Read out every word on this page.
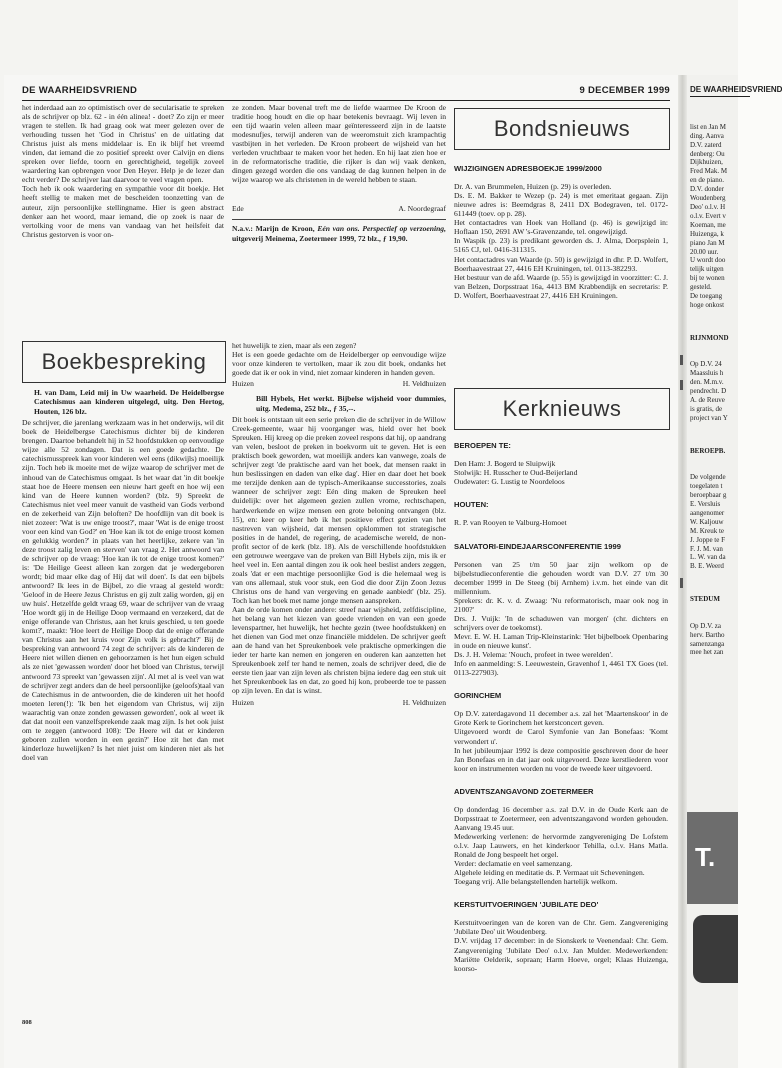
DE WAARHEIDSVRIEND	9 DECEMBER 1999
het inderdaad aan zo optimistisch over de secularisatie te spreken als de schrijver op blz. 62 - in één alinea! - doet? Zo zijn er meer vragen te stellen. Ik had graag ook wat meer gelezen over de verhouding tussen het 'God in Christus' en de uitlating dat Christus juist als mens middelaar is. En ik blijf het vreemd vinden, dat iemand die zo positief spreekt over Calvijn en diens spreken over liefde, toorn en gerechtigheid, tegelijk zoveel waardering kan opbrengen voor Den Heyer. Help je de lezer dan echt verder? De schrijver laat daarvoor te veel vragen open.
Toch heb ik ook waardering en sympathie voor dit boekje. Het heeft stellig te maken met de bescheiden toonzetting van de auteur, zijn persoonlijke stellingname. Hier is geen abstract denker aan het woord, maar iemand, die op zoek is naar de vertolking voor de mens van vandaag van het heilsfeit dat Christus gestorven is voor on-

ze zonden. Maar bovenal treft me de liefde waarmee De Kroon de traditie hoog houdt en die op haar betekenis bevraagt. Wij leven in een tijd waarin velen alleen maar geïnteresseerd zijn in de laatste modesnufjes, terwijl anderen van de weeromstuit zich krampachtig vastbijten in het verleden. De Kroon probeert de wijsheid van het verleden vruchtbaar te maken voor het heden. En hij laat zien hoe er in de reformatorische traditie, die rijker is dan wij vaak denken, dingen gezegd worden die ons vandaag de dag kunnen helpen in de wijze waarop we als christenen in de wereld hebben te staan.

Ede	A. Noordegraaf

N.a.v.: Marijn de Kroon, Eén van ons. Perspectief op verzoening, uitgeverij Meinema, Zoetermeer 1999, 72 blz., ƒ 19,90.

Bondsnieuws

WIJZIGINGEN ADRESBOEKJE 1999/2000

Dr. A. van Brummelen, Huizen (p. 29) is overleden.
Ds. E. M. Bakker te Wezep (p. 24) is met emeritaat gegaan. Zijn nieuwe adres is: Beemdgras 8, 2411 DX Bodegraven, tel. 0172-611449 (toev. op p. 28).
Het contactadres van Hoek van Holland (p. 46) is gewijzigd in: Hoflaan 150, 2691 AW 's-Gravenzande, tel. ongewijzigd.
In Waspik (p. 23) is predikant geworden ds. J. Alma, Dorpsplein 1, 5165 CJ, tel. 0416-311315.
Het contactadres van Waarde (p. 50) is gewijzigd in dhr. P. D. Wolfert, Boerhaavestraat 27, 4416 EH Kruiningen, tel. 0113-382293.
Het bestuur van de afd. Waarde (p. 55) is gewijzigd in voorzitter: C. J. van Belzen, Dorpsstraat 16a, 4413 BM Krabbendijk en secretaris: P. D. Wolfert, Boerhaavestraat 27, 4416 EH Kruiningen.

Boekbespreking

H. van Dam, Leid mij in Uw waarheid. De Heidelbergse Catechismus aan kinderen uitgelegd, uitg. Den Hertog, Houten, 126 blz.

De schrijver, die jarenlang werkzaam was in het onderwijs, wil dit boek de Heidelbergse Catechismus dichter bij de kinderen brengen. Daartoe behandelt hij in 52 hoofdstukken op eenvoudige wijze alle 52 zondagen. Dat is een goede gedachte. De catechismusspreek kan voor kinderen wel eens (dikwijls) moeilijk zijn. Toch heb ik moeite met de wijze waarop de schrijver met de inhoud van de Catechismus omgaat. Is het waar dat 'in dit boekje staat hoe de Heere mensen een nieuw hart geeft en hoe wij een kind van de Heere kunnen worden? (blz. 9) Spreekt de Catechismus niet veel meer vanuit de vastheid van Gods verbond en de zekerheid van Zijn beloften? De hoofdlijn van dit boek is niet zozeer: 'Wat is uw enige troost?', maar 'Wat is de enige troost voor een kind van God?' en 'Hoe kan ik tot de enige troost komen en gelukkig worden?' in plaats van het heerlijke, zekere van 'in deze troost zalig leven en sterven' van vraag 2. Het antwoord van de schrijver op de vraag: 'Hoe kan ik tot de enige troost komen?' is: 'De Heilige Geest alleen kan zorgen dat je wedergeboren wordt; bid maar elke dag of Hij dat wil doen'. Is dat een bijbels antwoord? Ik lees in de Bijbel, zo die vraag al gesteld wordt: 'Geloof in de Heere Jezus Christus en gij zult zalig worden, gij en uw huis'. Hetzelfde geldt vraag 69, waar de schrijver van de vraag 'Hoe wordt gij in de Heilige Doop vermaand en verzekerd, dat de enige offerande van Christus, aan het kruis geschied, u ten goede komt?', maakt: 'Hoe leert de Heilige Doop dat de enige offerande van Christus aan het kruis voor Zijn volk is gebracht?' Bij de bespreking van antwoord 74 zegt de schrijver: als de kinderen de Heere niet willen dienen en gehoorzamen is het hun eigen schuld als ze niet 'gewassen worden' door het bloed van Christus, terwijl antwoord 73 spreekt van 'gewassen zijn'. Al met al is veel van wat de schrijver zegt anders dan de heel persoonlijke (geloofs)taal van de Catechismus in de antwoorden, die de kinderen uit het hoofd moeten leren(!): 'Ik ben het eigendom van Christus, wij zijn waarachtig van onze zonden gewassen geworden', ook al weet ik dat dat nooit een vanzelfsprekende zaak mag zijn. Is het ook juist om te zeggen (antwoord 108): 'De Heere wil dat er kinderen geboren zullen worden in een gezin?' Hoe zit het dan met kinderloze huwelijken? Is het niet juist om kinderen niet als het doel van

het huwelijk te zien, maar als een zegen?
Het is een goede gedachte om de Heidelberger op eenvoudige wijze voor onze kinderen te vertolken, maar ik zou dit boek, ondanks het goede dat ik er ook in vind, niet zomaar kinderen in handen geven.

Huizen	H. Veldhuizen

Bill Hybels, Het werkt. Bijbelse wijsheid voor dummies, uitg. Medema, 252 blz., ƒ 35,--.

Dit boek is ontstaan uit een serie preken die de schrijver in de Willow Creek-gemeente, waar hij voorganger was, hield over het boek Spreuken. Hij kreeg op die preken zoveel respons dat hij, op aandrang van velen, besloot de preken in boekvorm uit te geven. Het is een praktisch boek geworden, wat moeilijk anders kan vanwege, zoals de schrijver zegt 'de praktische aard van het boek, dat mensen raakt in hun beslissingen en daden van elke dag'. Hier en daar doet het boek me terzijde denken aan de typisch-Amerikaanse successtories, zoals wanneer de schrijver zegt: Eén ding maken de Spreuken heel duidelijk: over het algemeen gezien zullen vrome, rechtschapen, hardwerkende en wijze mensen een grote beloning ontvangen (blz. 15), en: keer op keer heb ik het positieve effect gezien van het nastreven van wijsheid, dat mensen opklommen tot strategische posities in de handel, de regering, de academische wereld, de non-profit sector of de kerk (blz. 18). Als de verschillende hoofdstukken een getrouwe weergave van de preken van Bill Hybels zijn, mis ik er heel veel in. Een aantal dingen zou ik ook heel beslist anders zeggen, zoals 'dat er een machtige persoonlijke God is die helemaal weg is van ons allemaal, stuk voor stuk, een God die door Zijn Zoon Jezus Christus ons de hand van vergeving en genade aanbiedt' (blz. 25). Toch kan het boek met name jonge mensen aanspreken.
Aan de orde komen onder andere: streef naar wijsheid, zelfdiscipline, het belang van het kiezen van goede vrienden en van een goede levenspartner, het huwelijk, het hechte gezin (twee hoofdstukken) en het dienen van God met onze financiële middelen. De schrijver geeft aan de hand van het Spreukenboek vele praktische opmerkingen die ieder ter harte kan nemen en jongeren en ouderen kan aanzetten het Spreukenboek zelf ter hand te nemen, zoals de schrijver deed, die de eerste tien jaar van zijn leven als christen bijna iedere dag een stuk uit het Spreukenboek las en dat, zo goed hij kon, probeerde toe te passen op zijn leven. En dat is winst.

Huizen	H. Veldhuizen
Kerknieuws

BEROEPEN TE:

Den Ham: J. Bogerd te Sluipwijk
Stolwijk: H. Russcher te Oud-Beijerland
Oudewater: G. Lustig te Noordeloos

HOUTEN:

R. P. van Rooyen te Valburg-Homoet

SALVATORI-EINDEJAARSCONFERENTIE 1999

Personen van 25 t/m 50 jaar zijn welkom op de bijbelstudieconferentie die gehouden wordt van D.V. 27 t/m 30 december 1999 in De Steeg (bij Arnhem) i.v.m. het einde van dit millennium.
Sprekers: dr. K. v. d. Zwaag: 'Nu reformatorisch, maar ook nog in 2100?'
Drs. J. Vuijk: 'In de schaduwen van morgen' (chr. dichters en schrijvers over de toekomst).
Mevr. E. W. H. Laman Trip-Kleinstarink: 'Het bijbelboek Openbaring in oude en nieuwe kunst'.
Ds. J. H. Velema: 'Nouch, profeet in twee werelden'.
Info en aanmelding: S. Leeuwestein, Gravenhof 1, 4461 TX Goes (tel. 0113-227903).

GORINCHEM

Op D.V. zaterdagavond 11 december a.s. zal het 'Maartenskoor' in de Grote Kerk te Gorinchem het kerstconcert geven.
Uitgevoerd wordt de Carol Symfonie van Jan Bonefaas: 'Komt verwondert u'.
In het jubileumjaar 1992 is deze compositie geschreven door de heer Jan Bonefaas en in dat jaar ook uitgevoerd. Deze kerstliederen voor koor en instrumenten worden nu voor de tweede keer uitgevoerd.

ADVENTSZANGAVOND ZOETERMEER

Op donderdag 16 december a.s. zal D.V. in de Oude Kerk aan de Dorpsstraat te Zoetermeer, een adventszangavond worden gehouden. Aanvang 19.45 uur.
Medewerking verlenen: de hervormde zangvereniging De Lofstem o.l.v. Jaap Lauwers, en het kinderkoor Tehilla, o.l.v. Hans Matla. Ronald de Jong bespeelt het orgel.
Verder: declamatie en veel samenzang.
Algehele leiding en meditatie ds. P. Vermaat uit Scheveningen.
Toegang vrij. Alle belangstellenden hartelijk welkom.

KERSTUITVOERINGEN 'JUBILATE DEO'

Kerstuitvoeringen van de koren van de Chr. Gem. Zangvereniging 'Jubilate Deo' uit Woudenberg.
D.V. vrijdag 17 december: in de Sionskerk te Veenendaal: Chr. Gem. Zangvereniging 'Jubilate Deo' o.l.v. Jan Mulder. Medewerkenden: Mariëtte Oelderik, sopraan; Harm Hoeve, orgel; Klaas Huizenga, koorso-

808
DE WAARHEIDSVRIEND

list en Jan M
ding. Aanva
D.V. zaterd
denberg: Ou
Dijkhuizen,
Fred Mak. M
en de piano.
D.V. donder
Woudenberg
Deo' o.l.v. H
o.l.v. Evert v
Koeman, me
Huizenga, k
piano Jan M
20.00 uur.
U wordt doo
telijk uitgen
bij te wonen
gesteld.
De toegang
hoge onkost

RIJNMOND

Op D.V. 24
Maassluis h
den. M.m.v.
pendrecht. D
A. de Reuve
is gratis, de
project van Y

BEROEPB.

De volgende
toegelaten t
beroepbaar g
E. Versluis
aangenomer
W. Kaljouw
M. Kreuk te
J. Joppe te F
F. J. M. van
L. W. van da
B. E. Weerd

STEDUM

Op D.V. za
herv. Bartho
samenzanga
mee het zan

T.
